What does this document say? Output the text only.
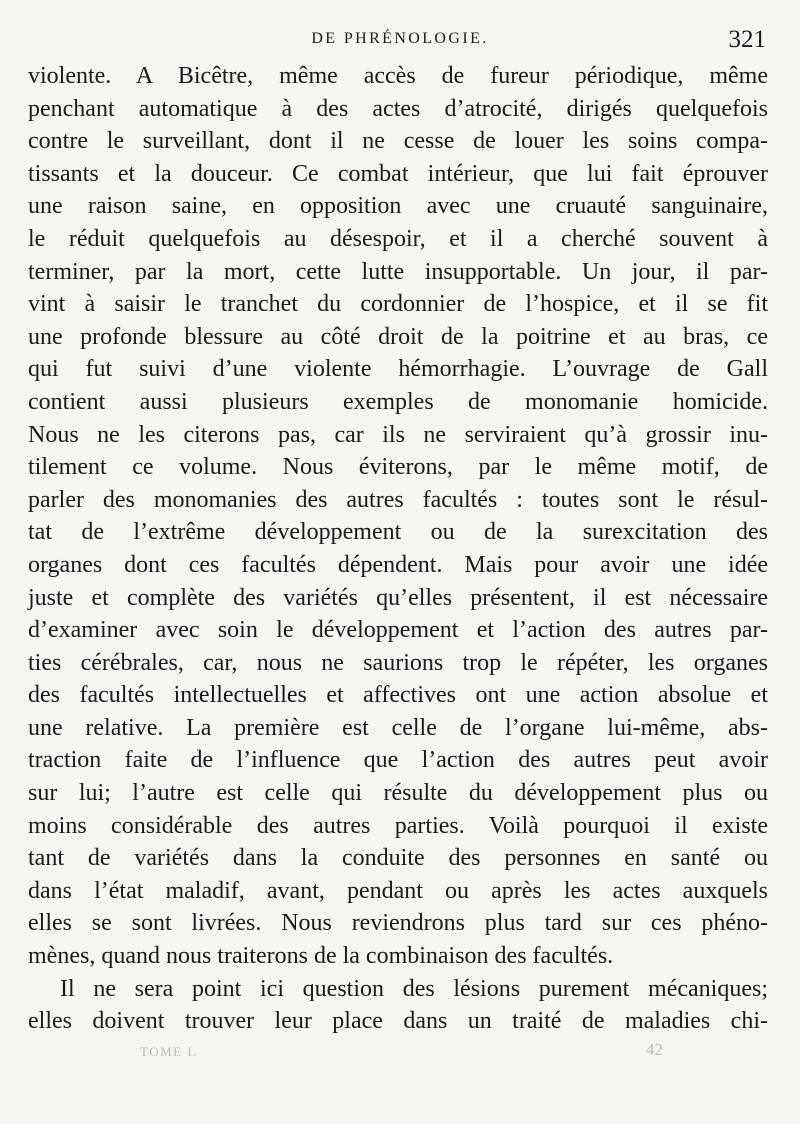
DE PHRÉNOLOGIE.	321
violente. A Bicêtre, même accès de fureur périodique, même
penchant automatique à des actes d’atrocité, dirigés quelquefois
contre le surveillant, dont il ne cesse de louer les soins compa-
tissants et la douceur. Ce combat intérieur, que lui fait éprouver
une raison saine, en opposition avec une cruauté sanguinaire,
le réduit quelquefois au désespoir, et il a cherché souvent à
terminer, par la mort, cette lutte insupportable. Un jour, il par-
vint à saisir le tranchet du cordonnier de l’hospice, et il se fit
une profonde blessure au côté droit de la poitrine et au bras, ce
qui fut suivi d’une violente hémorrhagie. L’ouvrage de Gall
contient aussi plusieurs exemples de monomanie homicide.
Nous ne les citerons pas, car ils ne serviraient qu’à grossir inu-
tilement ce volume. Nous éviterons, par le même motif, de
parler des monomanies des autres facultés : toutes sont le résul-
tat de l’extrême développement ou de la surexcitation des
organes dont ces facultés dépendent. Mais pour avoir une idée
juste et complète des variétés qu’elles présentent, il est nécessaire
d’examiner avec soin le développement et l’action des autres par-
ties cérébrales, car, nous ne saurions trop le répéter, les organes
des facultés intellectuelles et affectives ont une action absolue et
une relative. La première est celle de l’organe lui-même, abs-
traction faite de l’influence que l’action des autres peut avoir
sur lui; l’autre est celle qui résulte du développement plus ou
moins considérable des autres parties. Voilà pourquoi il existe
tant de variétés dans la conduite des personnes en santé ou
dans l’état maladif, avant, pendant ou après les actes auxquels
elles se sont livrées. Nous reviendrons plus tard sur ces phéno-
mènes, quand nous traiterons de la combinaison des facultés.
Il ne sera point ici question des lésions purement mécaniques;
elles doivent trouver leur place dans un traité de maladies chi-
TOME I.	42
